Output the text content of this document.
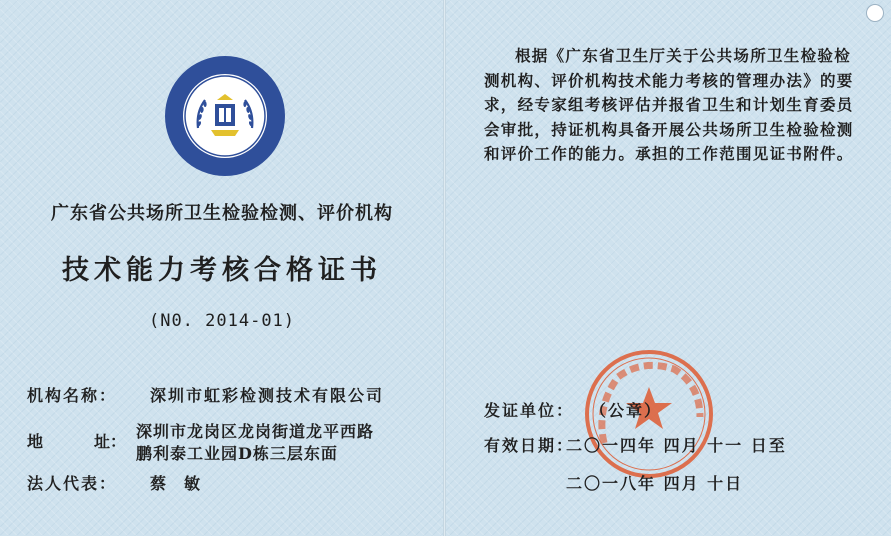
广东省公共场所卫生检验检测、评价机构
技术能力考核合格证书
(N0. 2014-01)
机构名称： 深圳市虹彩检测技术有限公司
地	址：
深圳市龙岗区龙岗街道龙平西路
鹏利泰工业园D栋三层东面
法人代表： 蔡敏
根据《广东省卫生厅关于公共场所卫生检验检测机构、评价机构技术能力考核的管理办法》的要求，经专家组考核评估并报省卫生和计划生育委员会审批，持证机构具备开展公共场所卫生检验检测和评价工作的能力。承担的工作范围见证书附件。
发证单位： （公章）
有效日期：
二〇一四年 四月 十一 日至
二〇一八年 四月 十日
